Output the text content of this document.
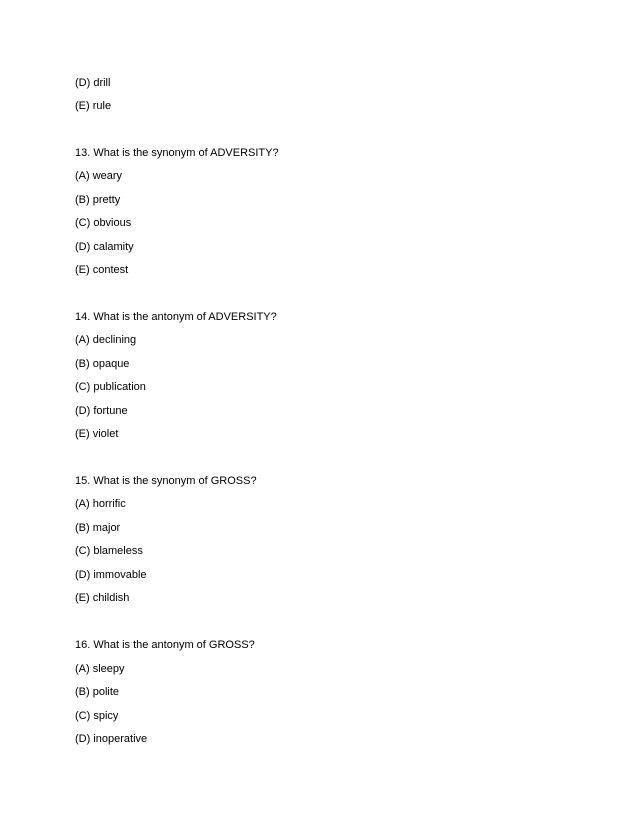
(D) drill
(E) rule
13. What is the synonym of ADVERSITY?
(A) weary
(B) pretty
(C) obvious
(D) calamity
(E) contest
14. What is the antonym of ADVERSITY?
(A) declining
(B) opaque
(C) publication
(D) fortune
(E) violet
15. What is the synonym of GROSS?
(A) horrific
(B) major
(C) blameless
(D) immovable
(E) childish
16. What is the antonym of GROSS?
(A) sleepy
(B) polite
(C) spicy
(D) inoperative
